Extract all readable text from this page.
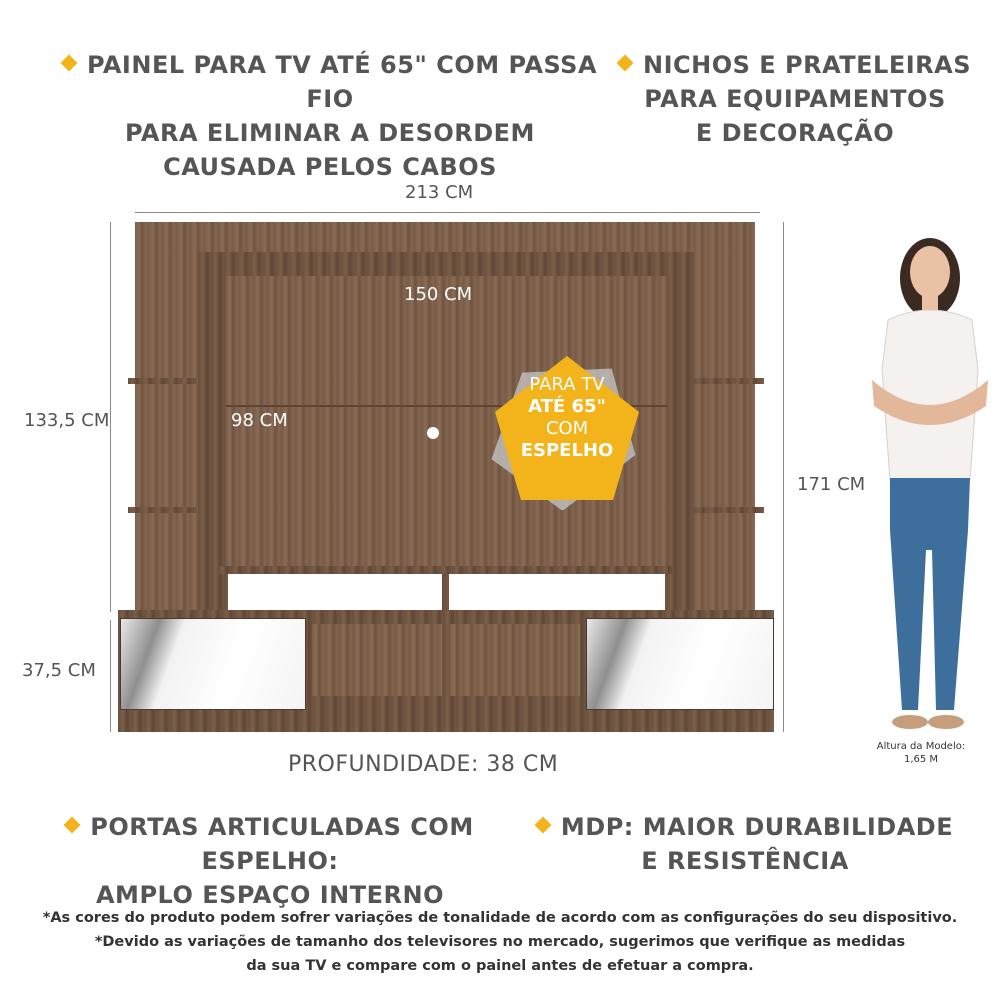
PAINEL PARA TV ATÉ 65" COM PASSA FIO
PARA ELIMINAR A DESORDEM
CAUSADA PELOS CABOS
NICHOS E PRATELEIRAS
PARA EQUIPAMENTOS
E DECORAÇÃO
213 CM
133,5 CM
37,5 CM
171 CM
150 CM
98 CM
PARA TV
ATÉ 65"
COM
ESPELHO
Altura da Modelo:
1,65 M
PROFUNDIDADE: 38 CM
PORTAS ARTICULADAS COM ESPELHO:
AMPLO ESPAÇO INTERNO
MDP: MAIOR DURABILIDADE
E RESISTÊNCIA
*As cores do produto podem sofrer variações de tonalidade de acordo com as configurações do seu dispositivo.
*Devido as variações de tamanho dos televisores no mercado, sugerimos que verifique as medidas
da sua TV e compare com o painel antes de efetuar a compra.
